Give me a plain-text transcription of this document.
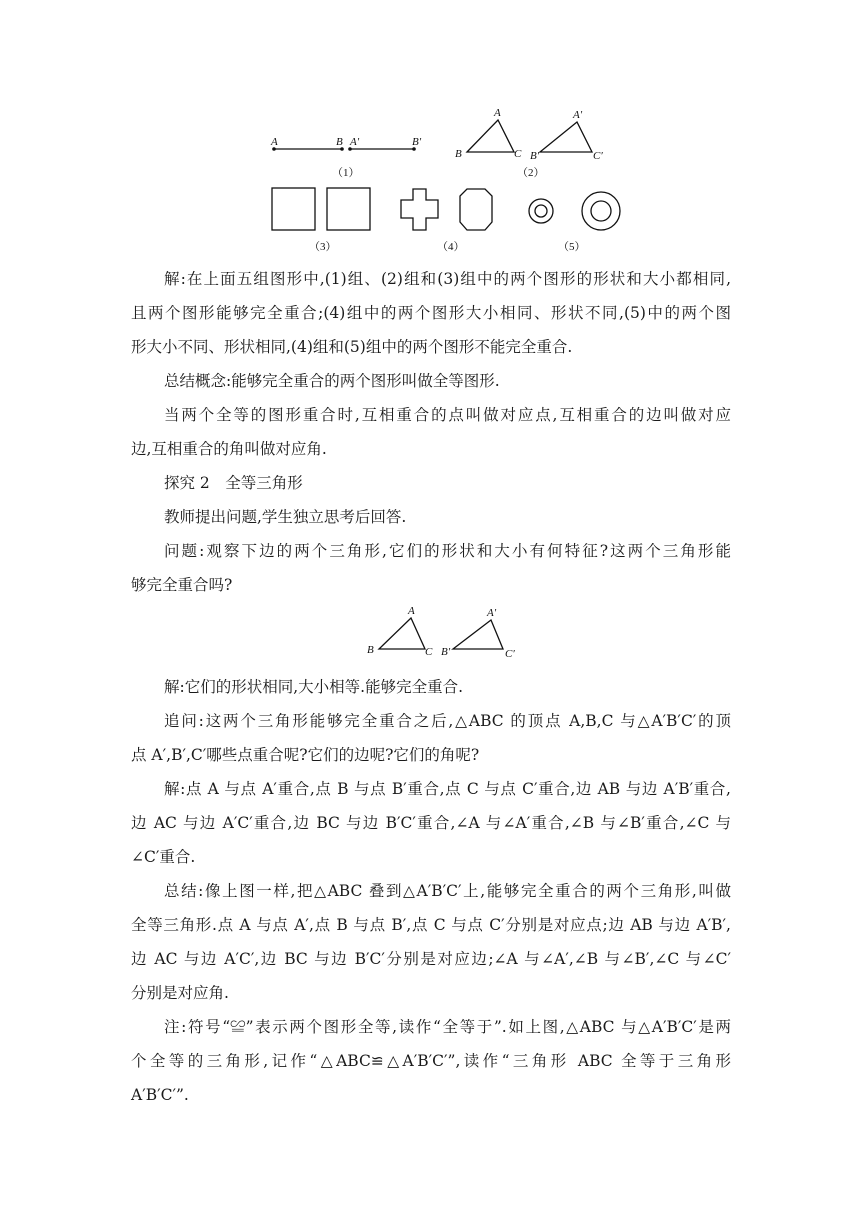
A	B A′	B′
（1）
A
B	C
A′
B′	C′
（2）
（3）	（4）	（5）
解:在上面五组图形中,(1)组、(2)组和(3)组中的两个图形的形状和大小都相同,
且两个图形能够完全重合;(4)组中的两个图形大小相同、形状不同,(5)中的两个图
形大小不同、形状相同,(4)组和(5)组中的两个图形不能完全重合.
总结概念:能够完全重合的两个图形叫做全等图形.
当两个全等的图形重合时,互相重合的点叫做对应点,互相重合的边叫做对应
边,互相重合的角叫做对应角.
探究 2　全等三角形
教师提出问题,学生独立思考后回答.
问题:观察下边的两个三角形,它们的形状和大小有何特征?这两个三角形能
够完全重合吗?
A
B	C
A′
B′	C′
解:它们的形状相同,大小相等.能够完全重合.
追问:这两个三角形能够完全重合之后,△ABC 的顶点 A,B,C 与△A′B′C′的顶
点 A′,B′,C′哪些点重合呢?它们的边呢?它们的角呢?
解:点 A 与点 A′重合,点 B 与点 B′重合,点 C 与点 C′重合,边 AB 与边 A′B′重合,
边 AC 与边 A′C′重合,边 BC 与边 B′C′重合,∠A 与∠A′重合,∠B 与∠B′重合,∠C 与
∠C′重合.
总结:像上图一样,把△ABC 叠到△A′B′C′上,能够完全重合的两个三角形,叫做
全等三角形.点 A 与点 A′,点 B 与点 B′,点 C 与点 C′分别是对应点;边 AB 与边 A′B′,
边 AC 与边 A′C′,边 BC 与边 B′C′分别是对应边;∠A 与∠A′,∠B 与∠B′,∠C 与∠C′
分别是对应角.
注:符号“≌”表示两个图形全等,读作“全等于”.如上图,△ABC 与△A′B′C′是两
个全等的三角形,记作“△ABC≌△A′B′C′”,读作“三角形 ABC 全等于三角形
A′B′C′”.
